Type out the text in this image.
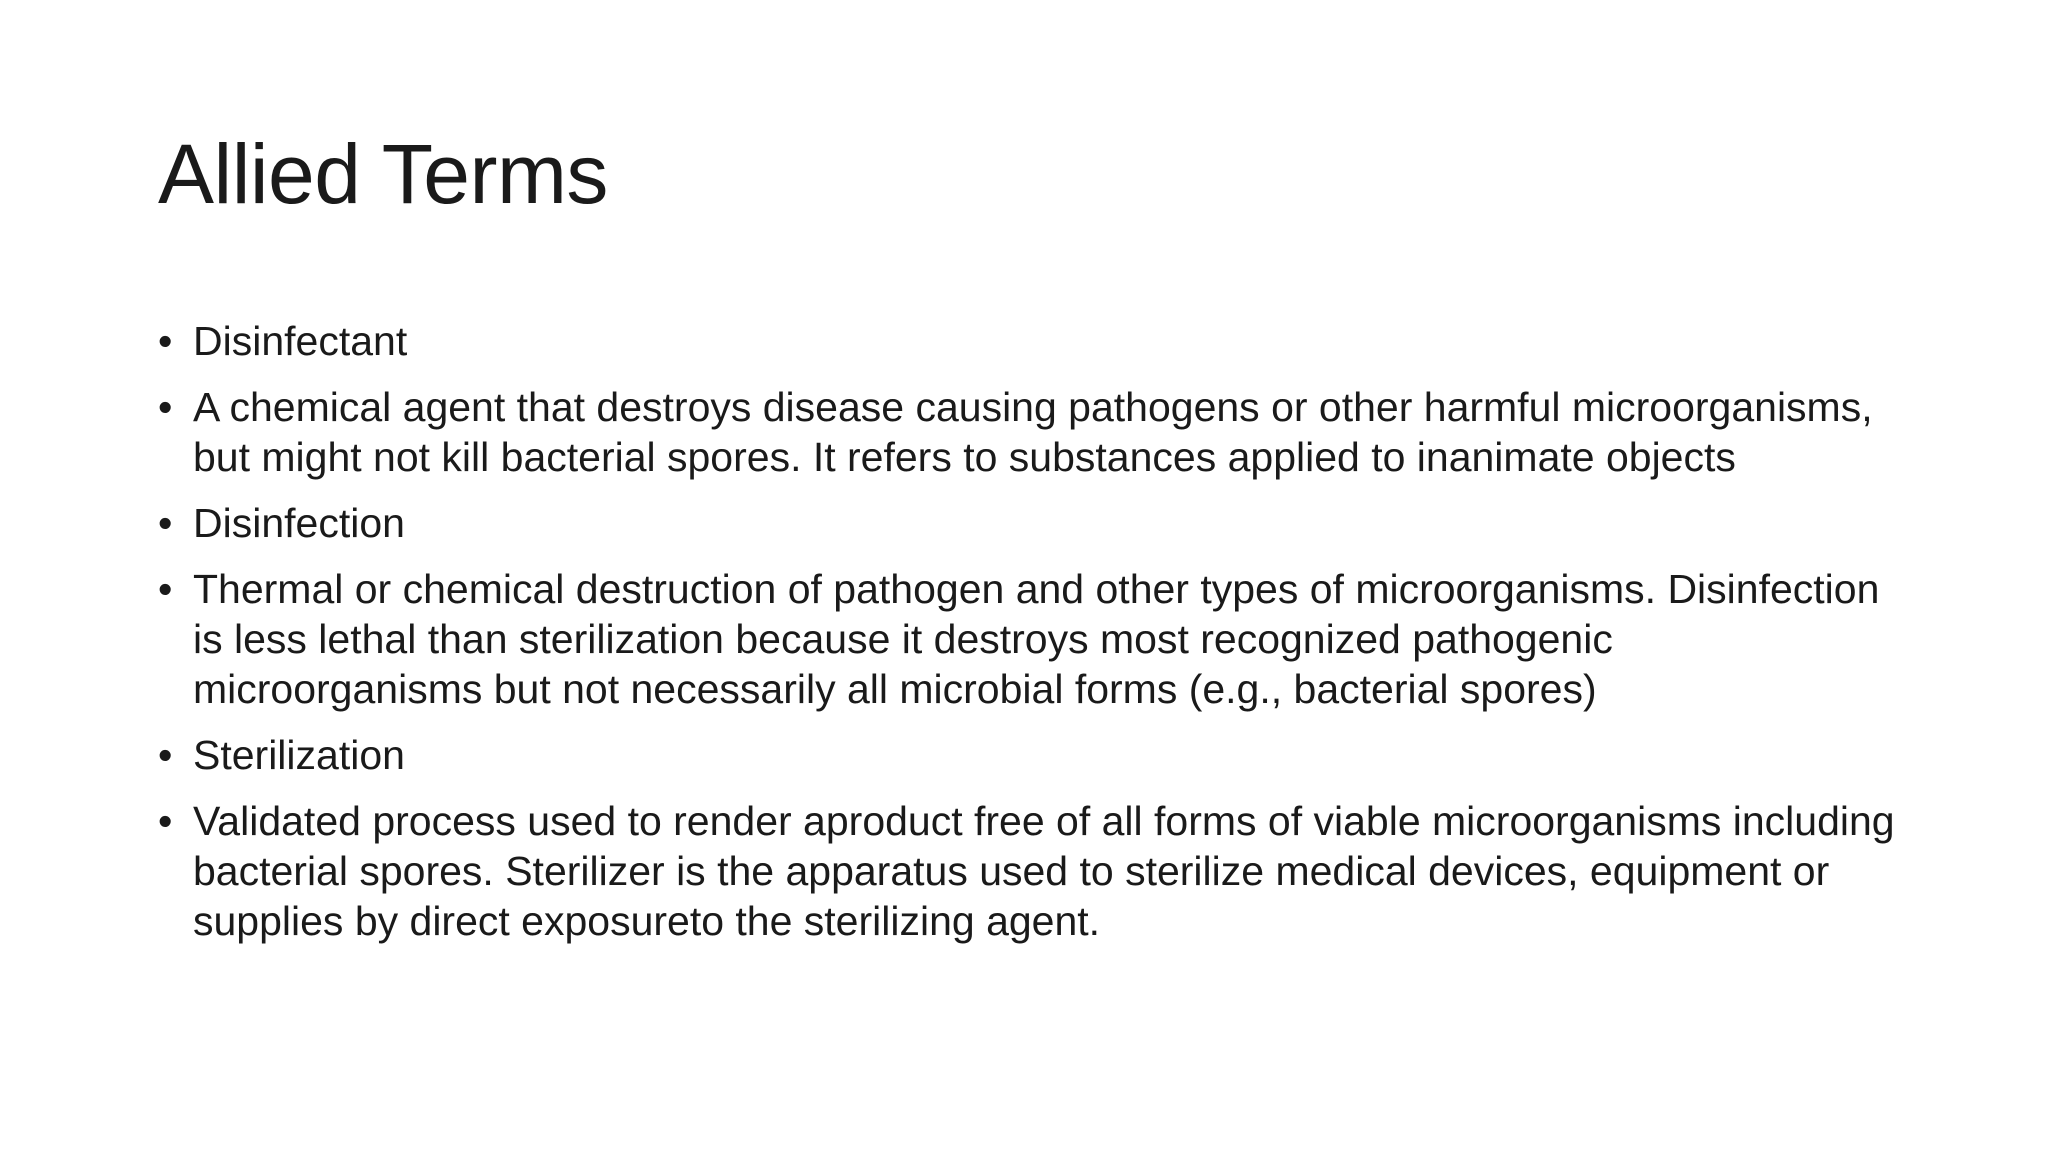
Allied Terms
• Disinfectant
• A chemical agent that destroys disease causing pathogens or other harmful microorganisms, but might not kill bacterial spores. It refers to substances applied to inanimate objects
• Disinfection
• Thermal or chemical destruction of pathogen and other types of microorganisms. Disinfection is less lethal than sterilization because it destroys most recognized pathogenic microorganisms but not necessarily all microbial forms (e.g., bacterial spores)
• Sterilization
• Validated process used to render aproduct free of all forms of viable microorganisms including bacterial spores. Sterilizer is the apparatus used to sterilize medical devices, equipment or supplies by direct exposureto the sterilizing agent.
